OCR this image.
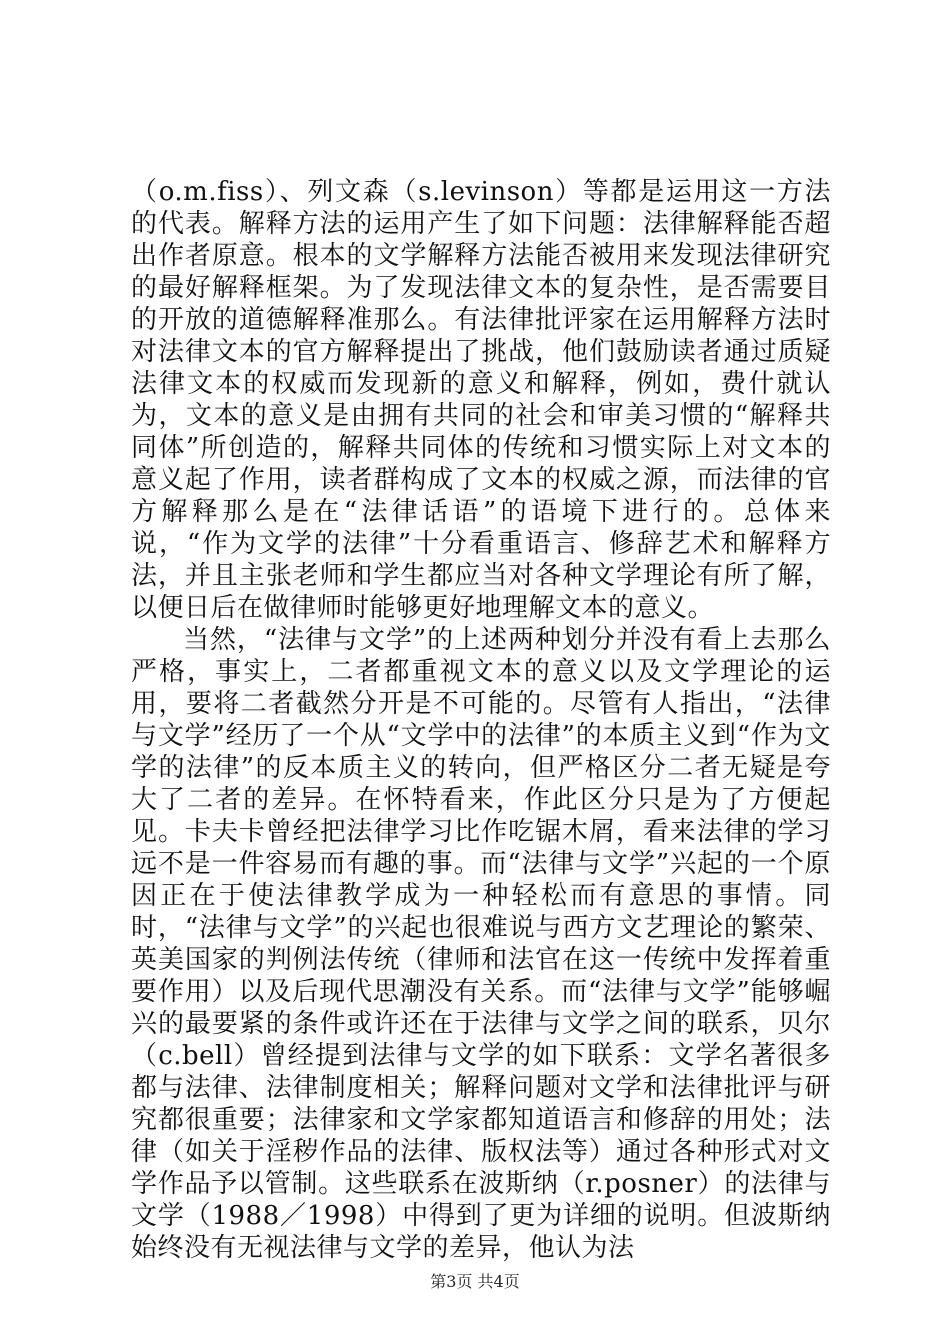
（o.m.fiss）、列文森（s.levinson）等都是运用这一方法的代表。解释方法的运用产生了如下问题：法律解释能否超出作者原意。根本的文学解释方法能否被用来发现法律研究的最好解释框架。为了发现法律文本的复杂性，是否需要目的开放的道德解释准那么。有法律批评家在运用解释方法时对法律文本的官方解释提出了挑战，他们鼓励读者通过质疑法律文本的权威而发现新的意义和解释，例如，费什就认为，文本的意义是由拥有共同的社会和审美习惯的“解释共同体”所创造的，解释共同体的传统和习惯实际上对文本的意义起了作用，读者群构成了文本的权威之源，而法律的官方解释那么是在“法律话语”的语境下进行的。总体来说，“作为文学的法律”十分看重语言、修辞艺术和解释方法，并且主张老师和学生都应当对各种文学理论有所了解，以便日后在做律师时能够更好地理解文本的意义。

当然，“法律与文学”的上述两种划分并没有看上去那么严格，事实上，二者都重视文本的意义以及文学理论的运用，要将二者截然分开是不可能的。尽管有人指出，“法律与文学”经历了一个从“文学中的法律”的本质主义到“作为文学的法律”的反本质主义的转向，但严格区分二者无疑是夸大了二者的差异。在怀特看来，作此区分只是为了方便起见。卡夫卡曾经把法律学习比作吃锯木屑，看来法律的学习远不是一件容易而有趣的事。而“法律与文学”兴起的一个原因正在于使法律教学成为一种轻松而有意思的事情。同时，“法律与文学”的兴起也很难说与西方文艺理论的繁荣、英美国家的判例法传统（律师和法官在这一传统中发挥着重要作用）以及后现代思潮没有关系。而“法律与文学”能够崛兴的最要紧的条件或许还在于法律与文学之间的联系，贝尔（c.bell）曾经提到法律与文学的如下联系：文学名著很多都与法律、法律制度相关；解释问题对文学和法律批评与研究都很重要；法律家和文学家都知道语言和修辞的用处；法律（如关于淫秽作品的法律、版权法等）通过各种形式对文学作品予以管制。这些联系在波斯纳（r.posner）的法律与文学（1988／1998）中得到了更为详细的说明。但波斯纳始终没有无视法律与文学的差异，他认为法

第3页 共4页
